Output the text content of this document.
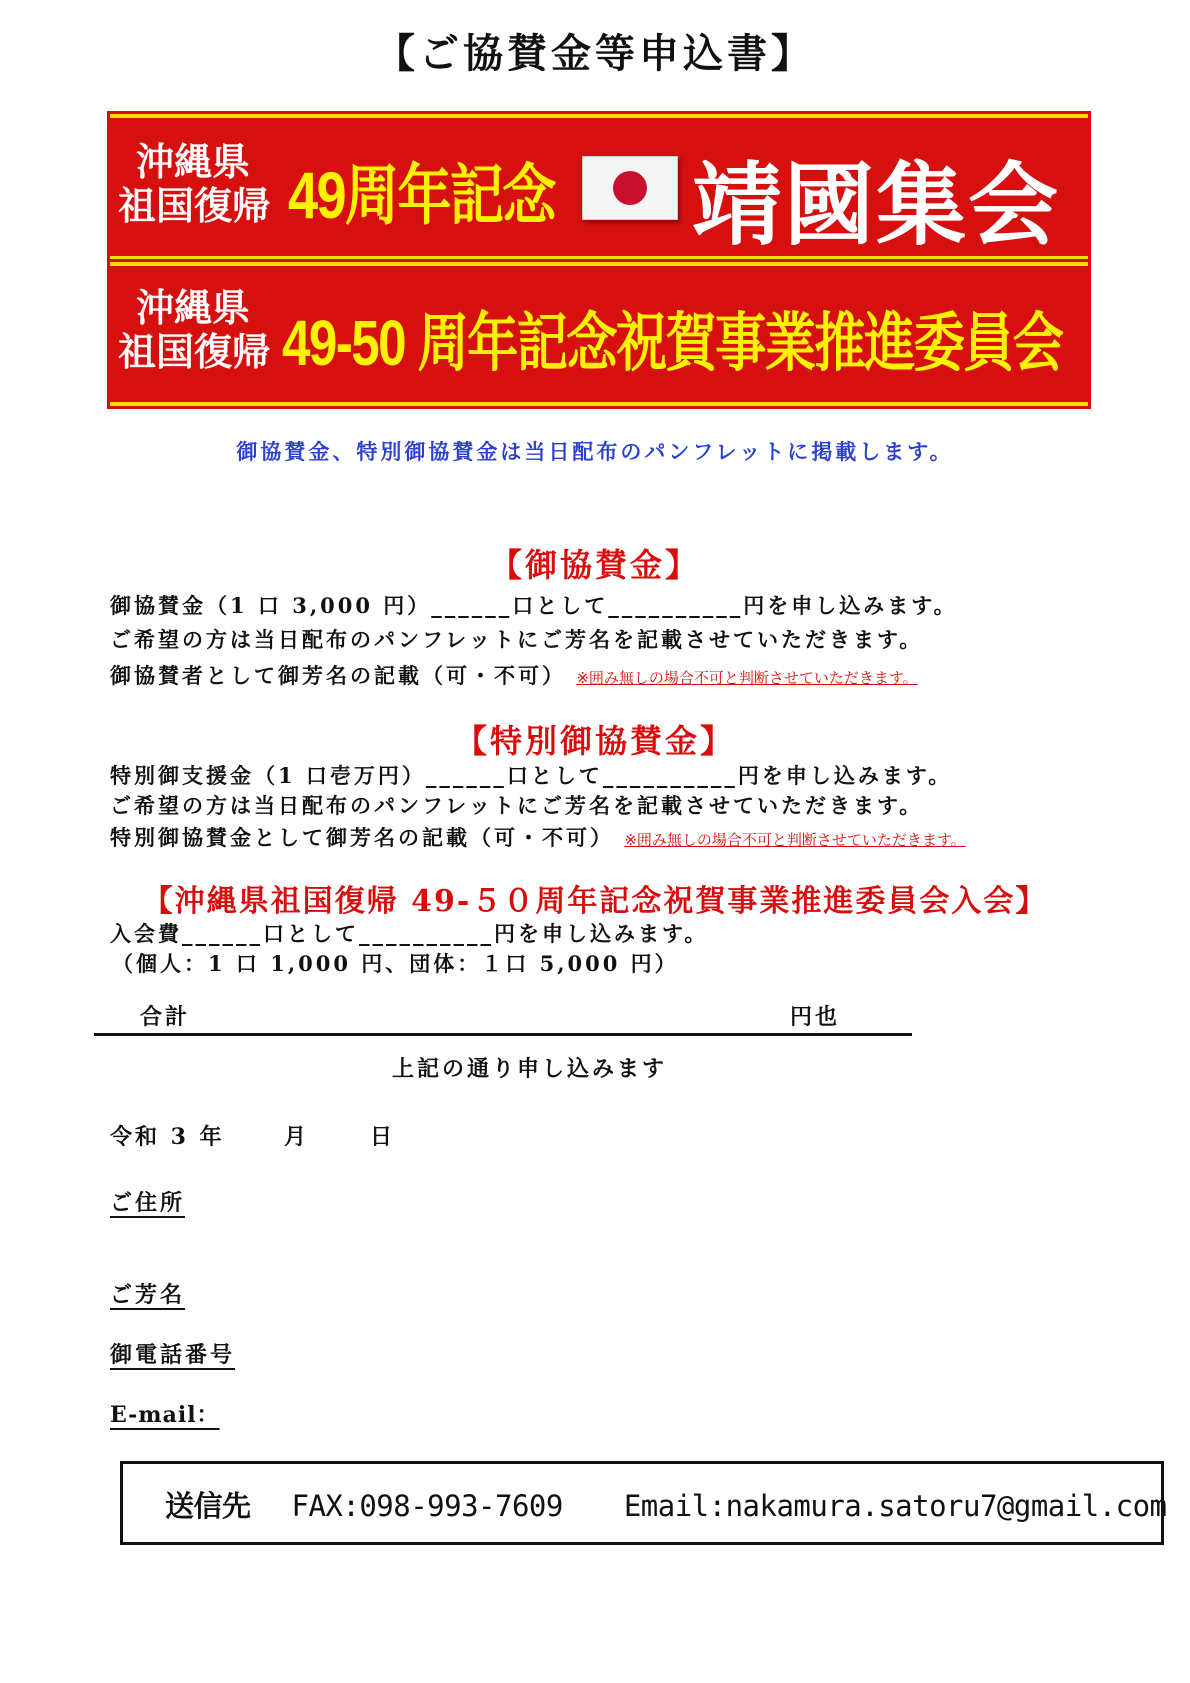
【ご協賛金等申込書】
沖縄県
祖国復帰 49周年記念 靖國集会
沖縄県
祖国復帰 49-50 周年記念祝賀事業推進委員会
御協賛金、特別御協賛金は当日配布のパンフレットに掲載します。
【御協賛金】
御協賛金（1 口 3,000 円）______口として__________円を申し込みます。
ご希望の方は当日配布のパンフレットにご芳名を記載させていただきます。
御協賛者として御芳名の記載（可・不可） ※囲み無しの場合不可と判断させていただきます。
【特別御協賛金】
特別御支援金（1 口壱万円）______口として__________円を申し込みます。
ご希望の方は当日配布のパンフレットにご芳名を記載させていただきます。
特別御協賛金として御芳名の記載（可・不可） ※囲み無しの場合不可と判断させていただきます。
【沖縄県祖国復帰 49-５０周年記念祝賀事業推進委員会入会】
入会費______口として__________円を申し込みます。
（個人：1 口 1,000 円、団体：１口 5,000 円）
合計	円也
上記の通り申し込みます
令和 3 年	月	日
ご住所
ご芳名
御電話番号
E-mail：
送信先 FAX:098-993-7609 Email:nakamura.satoru7@gmail.com
